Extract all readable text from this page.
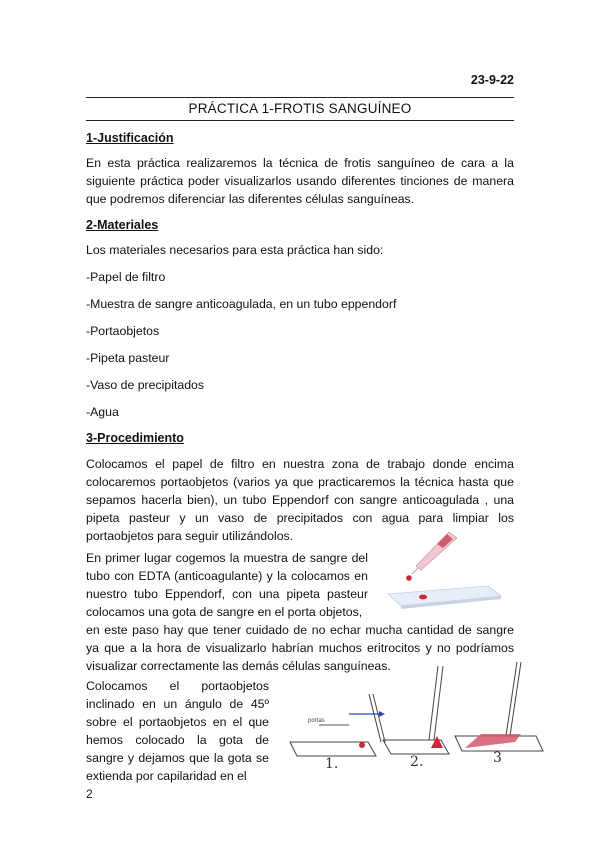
23-9-22
PRÁCTICA 1-FROTIS SANGUÍNEO
1-Justificación

En esta práctica realizaremos la técnica de frotis sanguíneo de cara a la siguiente práctica poder visualizarlos usando diferentes tinciones de manera que podremos diferenciar las diferentes células sanguíneas.

2-Materiales
Los materiales necesarios para esta práctica han sido:
-Papel de filtro
-Muestra de sangre anticoagulada, en un tubo eppendorf
-Portaobjetos
-Pipeta pasteur
-Vaso de precipitados
-Agua
3-Procedimiento

Colocamos el papel de filtro en nuestra zona de trabajo donde encima colocaremos portaobjetos (varios ya que practicaremos la técnica hasta que sepamos hacerla bien), un tubo Eppendorf con sangre anticoagulada , una pipeta pasteur y un vaso de precipitados con agua para limpiar los portaobjetos para seguir utilizándolos.

En primer lugar cogemos la muestra de sangre del tubo con EDTA (anticoagulante) y la colocamos en nuestro tubo Eppendorf, con una pipeta pasteur colocamos una gota de sangre en el porta objetos,

en este paso hay que tener cuidado de no echar mucha cantidad de sangre ya que a la hora de visualizarlo habrían muchos eritrocitos y no podríamos visualizar correctamente las demás células sanguíneas.

Colocamos el portaobjetos inclinado en un ángulo de 45º sobre el portaobjetos en el que hemos colocado la gota de sangre y dejamos que la gota se extienda por capilaridad en el

portas
1.	2.	3
2
